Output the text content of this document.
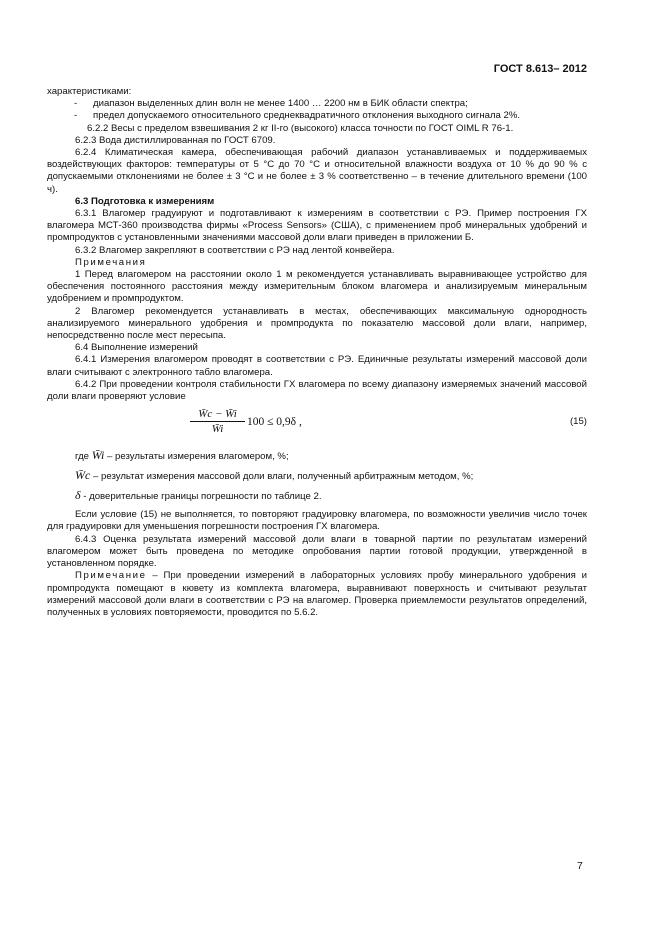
ГОСТ 8.613– 2012

характеристиками:

- диапазон выделенных длин волн не менее 1400 … 2200 нм в БИК области спектра;

- предел допускаемого относительного среднеквадратичного отклонения выходного сигнала 2%.

6.2.2 Весы с пределом взвешивания 2 кг II-го (высокого) класса точности по ГОСТ OIML R 76-1.

6.2.3 Вода дистиллированная по ГОСТ 6709.

6.2.4 Климатическая камера, обеспечивающая рабочий диапазон устанавливаемых и поддерживаемых воздействующих факторов: температуры от 5 °С до 70 °С и относительной влажности воздуха от 10 % до 90 % с допускаемыми отклонениями не более ± 3 °С и не более ± 3 % соответственно – в течение длительного времени (100 ч).

6.3 Подготовка к измерениям

6.3.1 Влагомер градуируют и подготавливают к измерениям в соответствии с РЭ. Пример построения ГХ влагомера МСТ-360 производства фирмы «Process Sensors» (США), с применением проб минеральных удобрений и промпродуктов с установленными значениями массовой доли влаги приведен в приложении Б.

6.3.2 Влагомер закрепляют в соответствии с РЭ над лентой конвейера.

Примечания

1 Перед влагомером на расстоянии около 1 м рекомендуется устанавливать выравнивающее устройство для обеспечения постоянного расстояния между измерительным блоком влагомера и анализируемым минеральным удобрением и промпродуктом.

2 Влагомер рекомендуется устанавливать в местах, обеспечивающих максимальную однородность анализируемого минерального удобрения и промпродукта по показателю массовой доли влаги, например, непосредственно после мест пересыпа.

6.4 Выполнение измерений

6.4.1 Измерения влагомером проводят в соответствии с РЭ. Единичные результаты измерений массовой доли влаги считывают с электронного табло влагомера.

6.4.2 При проведении контроля стабильности ГХ влагомера по всему диапазону измеряемых значений массовой доли влаги проверяют условие

$\frac{W̄c - W̄i}{W̄i} 100 \le 0,9\delta$ ,	(15)
где W̄i – результаты измерения влагомером, %;
W̄c – результат измерения массовой доли влаги, полученный арбитражным методом, %;
δ - доверительные границы погрешности по таблице 2.

Если условие (15) не выполняется, то повторяют градуировку влагомера, по возможности увеличив число точек для градуировки для уменьшения погрешности построения ГХ влагомера.

6.4.3 Оценка результата измерений массовой доли влаги в товарной партии по результатам измерений влагомером может быть проведена по методике опробования партии готовой продукции, утвержденной в установленном порядке.

Примечание – При проведении измерений в лабораторных условиях пробу минерального удобрения и промпродукта помещают в кювету из комплекта влагомера, выравнивают поверхность и считывают результат измерений массовой доли влаги в соответствии с РЭ на влагомер. Проверка приемлемости результатов определений, полученных в условиях повторяемости, проводится по 5.6.2.

7
